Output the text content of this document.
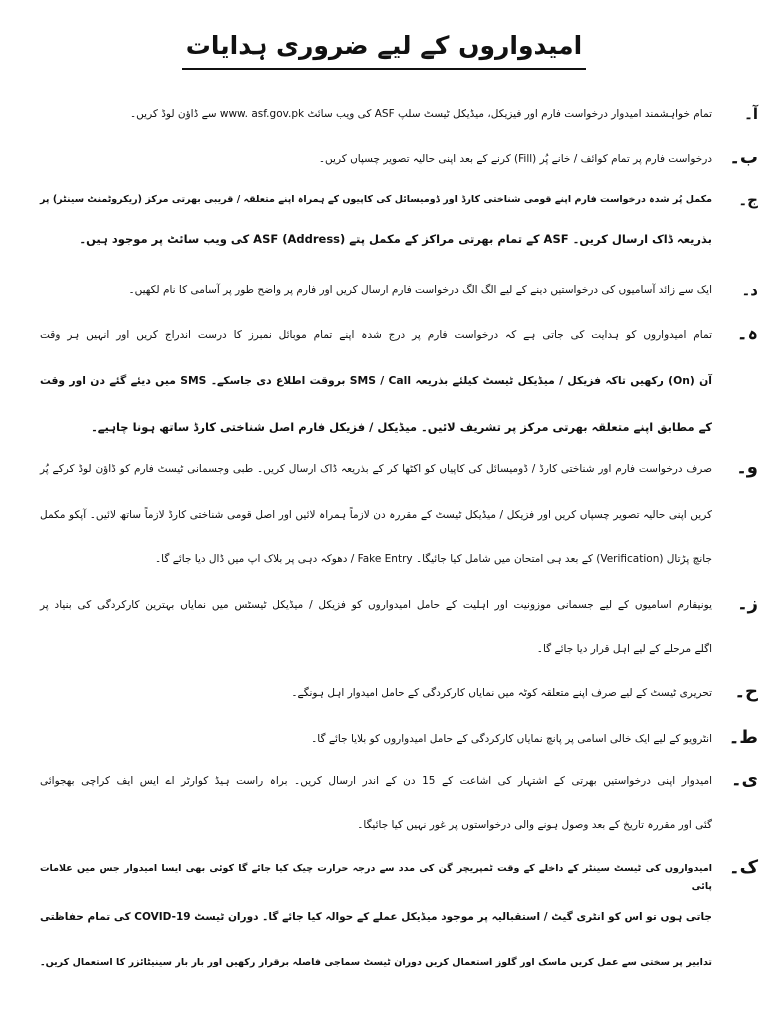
امیدواروں کے لیے ضروری ہدایات
آ۔
تمام خواہشمند امیدوار درخواست فارم اور فیزیکل، میڈیکل ٹیسٹ سلپ ASF کی ویب سائٹ www. asf.gov.pk سے ڈاؤن لوڈ کریں۔
ب۔
درخواست فارم پر تمام کوائف / خانے پُر (Fill) کرنے کے بعد اپنی حالیہ تصویر چسپاں کریں۔
ج۔
مکمل پُر شدہ درخواست فارم اپنے قومی شناختی کارڈ اور ڈومیسائل کی کاپیوں کے ہمراہ اپنے متعلقہ / قریبی بھرتی مرکز (ریکروٹمنٹ سینٹر) پر
بذریعہ ڈاک ارسال کریں۔ ASF کے تمام بھرتی مراکز کے مکمل پتے (Address) ASF کی ویب سائٹ پر موجود ہیں۔
د۔
ایک سے زائد آسامیوں کی درخواستیں دینے کے لیے الگ الگ درخواست فارم ارسال کریں اور فارم پر واضح طور پر آسامی کا نام لکھیں۔
ہ۔
تمام امیدواروں کو ہدایت کی جاتی ہے کہ درخواست فارم پر درج شدہ اپنے تمام موبائل نمبرز کا درست اندراج کریں اور انہیں ہر وقت
آن (On) رکھیں تاکہ فزیکل / میڈیکل ٹیسٹ کیلئے بذریعہ SMS / Call بروقت اطلاع دی جاسکے۔ SMS میں دیئے گئے دن اور وقت
کے مطابق اپنے متعلقہ بھرتی مرکز پر تشریف لائیں۔ میڈیکل / فزیکل فارم اصل شناختی کارڈ ساتھ ہونا چاہیے۔
و۔
صرف درخواست فارم اور شناختی کارڈ / ڈومیسائل کی کاپیاں کو اکٹھا کر کے بذریعہ ڈاک ارسال کریں۔ طبی وجسمانی ٹیسٹ فارم کو ڈاؤن لوڈ کرکے پُر
کریں اپنی حالیہ تصویر چسپاں کریں اور فزیکل / میڈیکل ٹیسٹ کے مقررہ دن لازماً ہمراہ لائیں اور اصل قومی شناختی کارڈ لازماً ساتھ لائیں۔ آپکو مکمل
جانچ پڑتال (Verification) کے بعد ہی امتحان میں شامل کیا جائیگا۔ Fake Entry / دھوکہ دہی پر بلاک اپ میں ڈال دیا جائے گا۔
ز۔
یونیفارم اسامیوں کے لیے جسمانی موزونیت اور اہلیت کے حامل امیدواروں کو فزیکل / میڈیکل ٹیسٹس میں نمایاں بہترین کارکردگی کی بنیاد پر
اگلے مرحلے کے لیے اہل قرار دیا جائے گا۔
ح۔
تحریری ٹیسٹ کے لیے صرف اپنے متعلقہ کوٹہ میں نمایاں کارکردگی کے حامل امیدوار اہل ہونگے۔
ط۔
انٹرویو کے لیے ایک خالی اسامی پر پانچ نمایاں کارکردگی کے حامل امیدواروں کو بلایا جائے گا۔
ی۔
امیدوار اپنی درخواستیں بھرتی کے اشتہار کی اشاعت کے 15 دن کے اندر ارسال کریں۔ براہ راست ہیڈ کوارٹر اے ایس ایف کراچی بھجوائی
گئی اور مقررہ تاریخ کے بعد وصول ہونے والی درخواستوں پر غور نہیں کیا جائیگا۔
ک۔
امیدواروں کی ٹیسٹ سینٹر کے داخلے کے وقت ٹمپریچر گن کی مدد سے درجہ حرارت چیک کیا جائے گا کوئی بھی ایسا امیدوار جس میں علامات پائی
جاتی ہوں تو اس کو انٹری گیٹ / استقبالیہ پر موجود میڈیکل عملے کے حوالہ کیا جائے گا۔ دوران ٹیسٹ COVID-19 کی تمام حفاظتی
تدابیر پر سختی سے عمل کریں ماسک اور گلوز استعمال کریں دوران ٹیسٹ سماجی فاصلہ برقرار رکھیں اور بار بار سینیٹائزر کا استعمال کریں۔
